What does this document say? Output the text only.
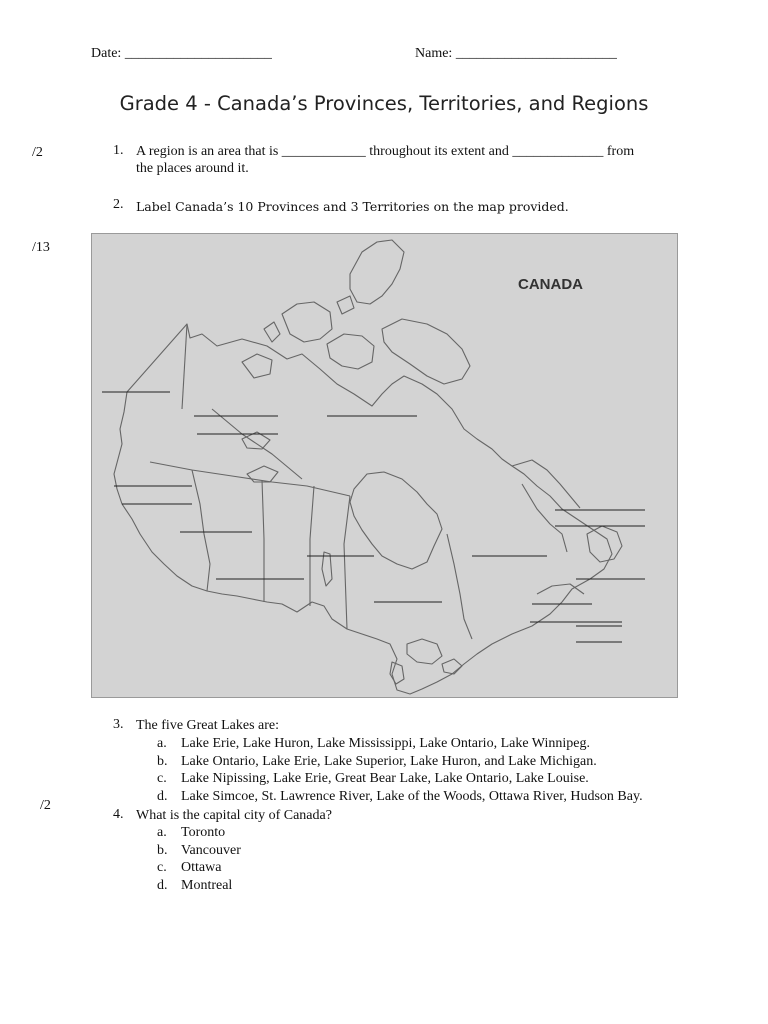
Date: _____________________	Name: _______________________
Grade 4 - Canada’s Provinces, Territories, and Regions
/2
/13
/2
1. A region is an area that is ____________ throughout its extent and _____________ from
the places around it.
2. Label Canada’s 10 Provinces and 3 Territories on the map provided.
CANADA
3. The five Great Lakes are:
a. Lake Erie, Lake Huron, Lake Mississippi, Lake Ontario, Lake Winnipeg.
b. Lake Ontario, Lake Erie, Lake Superior, Lake Huron, and Lake Michigan.
c. Lake Nipissing, Lake Erie, Great Bear Lake, Lake Ontario, Lake Louise.
d. Lake Simcoe, St. Lawrence River, Lake of the Woods, Ottawa River, Hudson Bay.
4. What is the capital city of Canada?
a. Toronto
b. Vancouver
c. Ottawa
d. Montreal
